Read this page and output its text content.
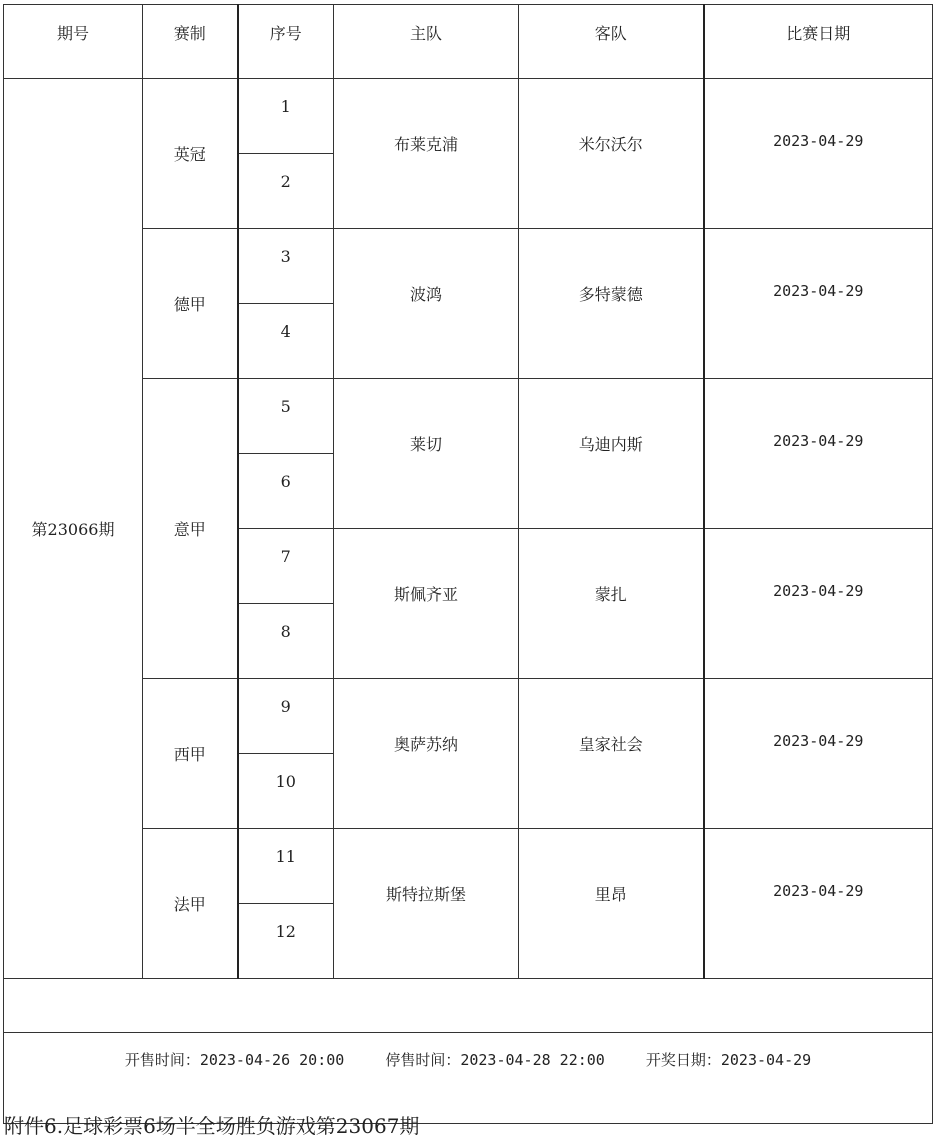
期号	赛制	序号	主队	客队	比赛日期
第23066期	英冠	1	布莱克浦	米尔沃尔	2023-04-29
		2			
	德甲	3	波鸿	多特蒙德	2023-04-29
		4			
	意甲	5	莱切	乌迪内斯	2023-04-29
		6			
		7	斯佩齐亚	蒙扎	2023-04-29
		8			
	西甲	9	奥萨苏纳	皇家社会	2023-04-29
		10			
	法甲	11	斯特拉斯堡	里昂	2023-04-29
		12			

开售时间：2023-04-26 20:00 停售时间：2023-04-28 22:00 开奖日期：2023-04-29					
附件6.足球彩票6场半全场胜负游戏第23067期
